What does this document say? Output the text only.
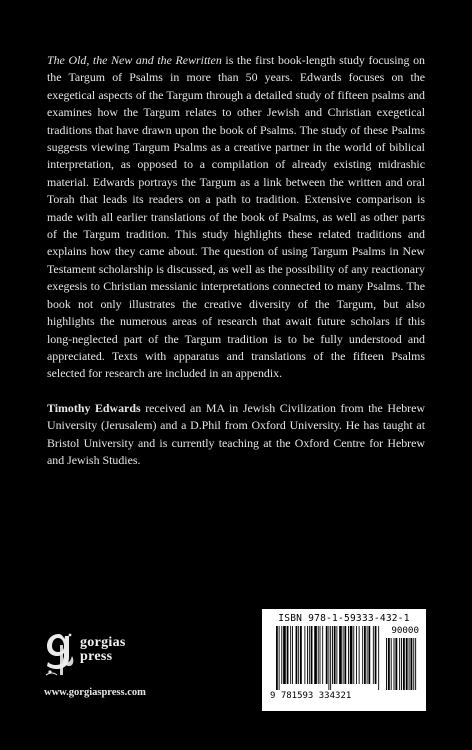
The Old, the New and the Rewritten is the first book-length study focusing on the Targum of Psalms in more than 50 years. Edwards focuses on the exegetical aspects of the Targum through a detailed study of fifteen psalms and examines how the Targum relates to other Jewish and Christian exegetical traditions that have drawn upon the book of Psalms. The study of these Psalms suggests viewing Targum Psalms as a creative partner in the world of biblical interpretation, as opposed to a compilation of already existing midrashic material. Edwards portrays the Targum as a link between the written and oral Torah that leads its readers on a path to tradition. Extensive comparison is made with all earlier translations of the book of Psalms, as well as other parts of the Targum tradition. This study highlights these related traditions and explains how they came about. The question of using Targum Psalms in New Testament scholarship is discussed, as well as the possibility of any reactionary exegesis to Christian messianic interpretations connected to many Psalms. The book not only illustrates the creative diversity of the Targum, but also highlights the numerous areas of research that await future scholars if this long-neglected part of the Targum tradition is to be fully understood and appreciated. Texts with apparatus and translations of the fifteen Psalms selected for research are included in an appendix.

Timothy Edwards received an MA in Jewish Civilization from the Hebrew University (Jerusalem) and a D.Phil from Oxford University. He has taught at Bristol University and is currently teaching at the Oxford Centre for Hebrew and Jewish Studies.

gorgias
press
www.gorgiaspress.com
ISBN 978-1-59333-432-1
9 781593 334321
90000
